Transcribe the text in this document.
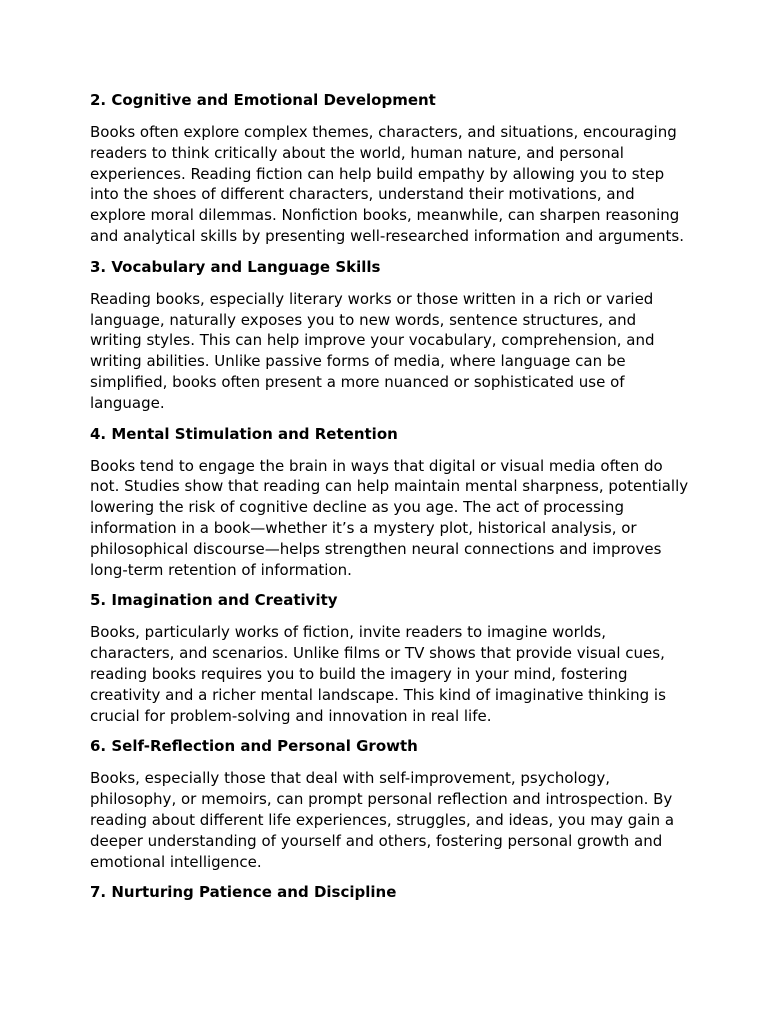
2. Cognitive and Emotional Development

Books often explore complex themes, characters, and situations, encouraging readers to think critically about the world, human nature, and personal experiences. Reading fiction can help build empathy by allowing you to step into the shoes of different characters, understand their motivations, and explore moral dilemmas. Nonfiction books, meanwhile, can sharpen reasoning and analytical skills by presenting well-researched information and arguments.

3. Vocabulary and Language Skills

Reading books, especially literary works or those written in a rich or varied language, naturally exposes you to new words, sentence structures, and writing styles. This can help improve your vocabulary, comprehension, and writing abilities. Unlike passive forms of media, where language can be simplified, books often present a more nuanced or sophisticated use of language.

4. Mental Stimulation and Retention

Books tend to engage the brain in ways that digital or visual media often do not. Studies show that reading can help maintain mental sharpness, potentially lowering the risk of cognitive decline as you age. The act of processing information in a book—whether it’s a mystery plot, historical analysis, or philosophical discourse—helps strengthen neural connections and improves long-term retention of information.

5. Imagination and Creativity

Books, particularly works of fiction, invite readers to imagine worlds, characters, and scenarios. Unlike films or TV shows that provide visual cues, reading books requires you to build the imagery in your mind, fostering creativity and a richer mental landscape. This kind of imaginative thinking is crucial for problem-solving and innovation in real life.

6. Self-Reflection and Personal Growth

Books, especially those that deal with self-improvement, psychology, philosophy, or memoirs, can prompt personal reflection and introspection. By reading about different life experiences, struggles, and ideas, you may gain a deeper understanding of yourself and others, fostering personal growth and emotional intelligence.

7. Nurturing Patience and Discipline
